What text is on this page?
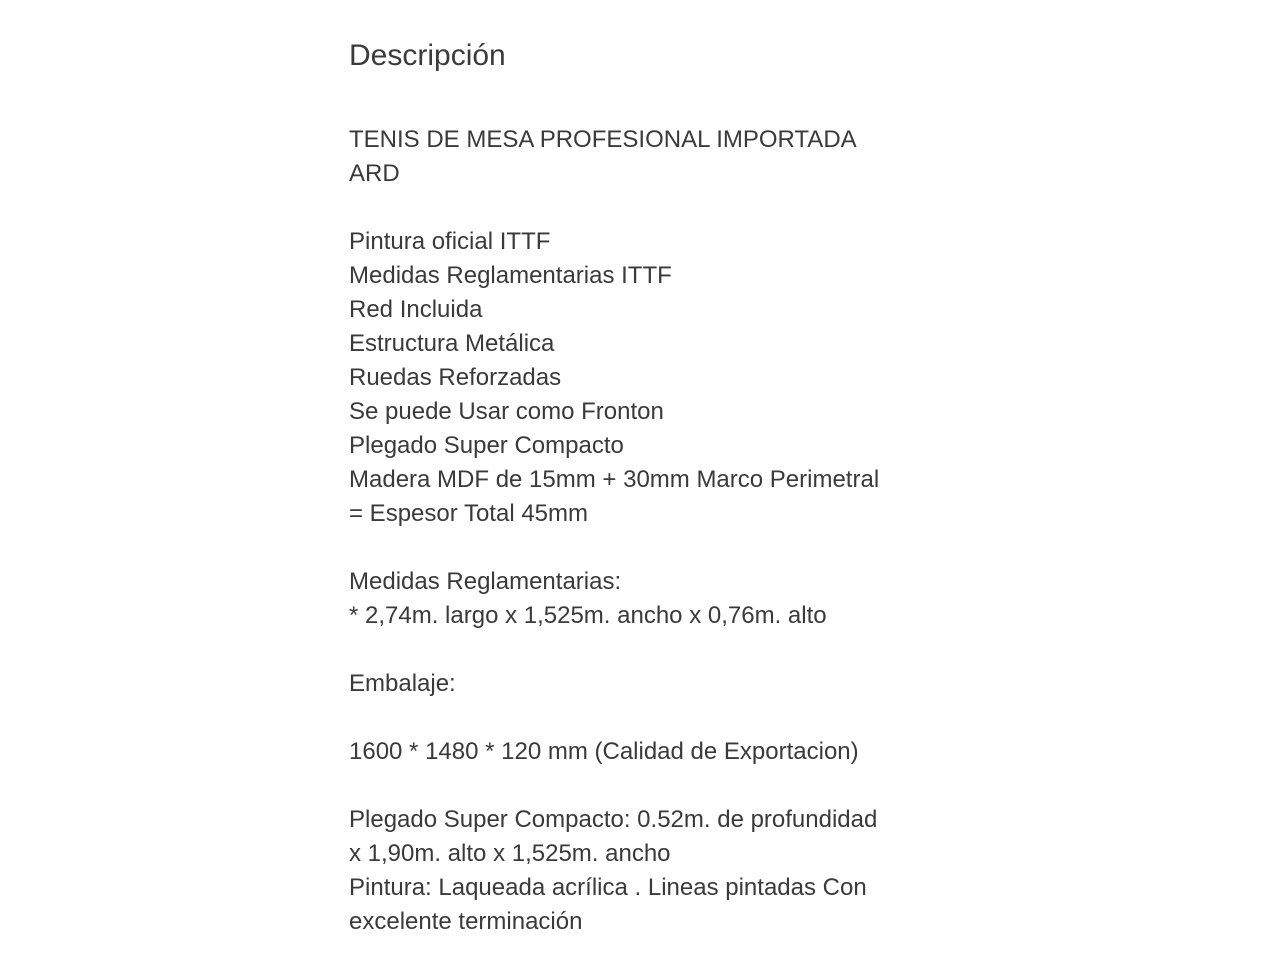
Descripción
TENIS DE MESA PROFESIONAL IMPORTADA
ARD
Pintura oficial ITTF
Medidas Reglamentarias ITTF
Red Incluida
Estructura Metálica
Ruedas Reforzadas
Se puede Usar como Fronton
Plegado Super Compacto
Madera MDF de 15mm + 30mm Marco Perimetral
= Espesor Total 45mm
Medidas Reglamentarias:
* 2,74m. largo x 1,525m. ancho x 0,76m. alto
Embalaje:
1600 * 1480 * 120 mm (Calidad de Exportacion)
Plegado Super Compacto: 0.52m. de profundidad
x 1,90m. alto x 1,525m. ancho
Pintura: Laqueada acrílica . Lineas pintadas Con
excelente terminación
